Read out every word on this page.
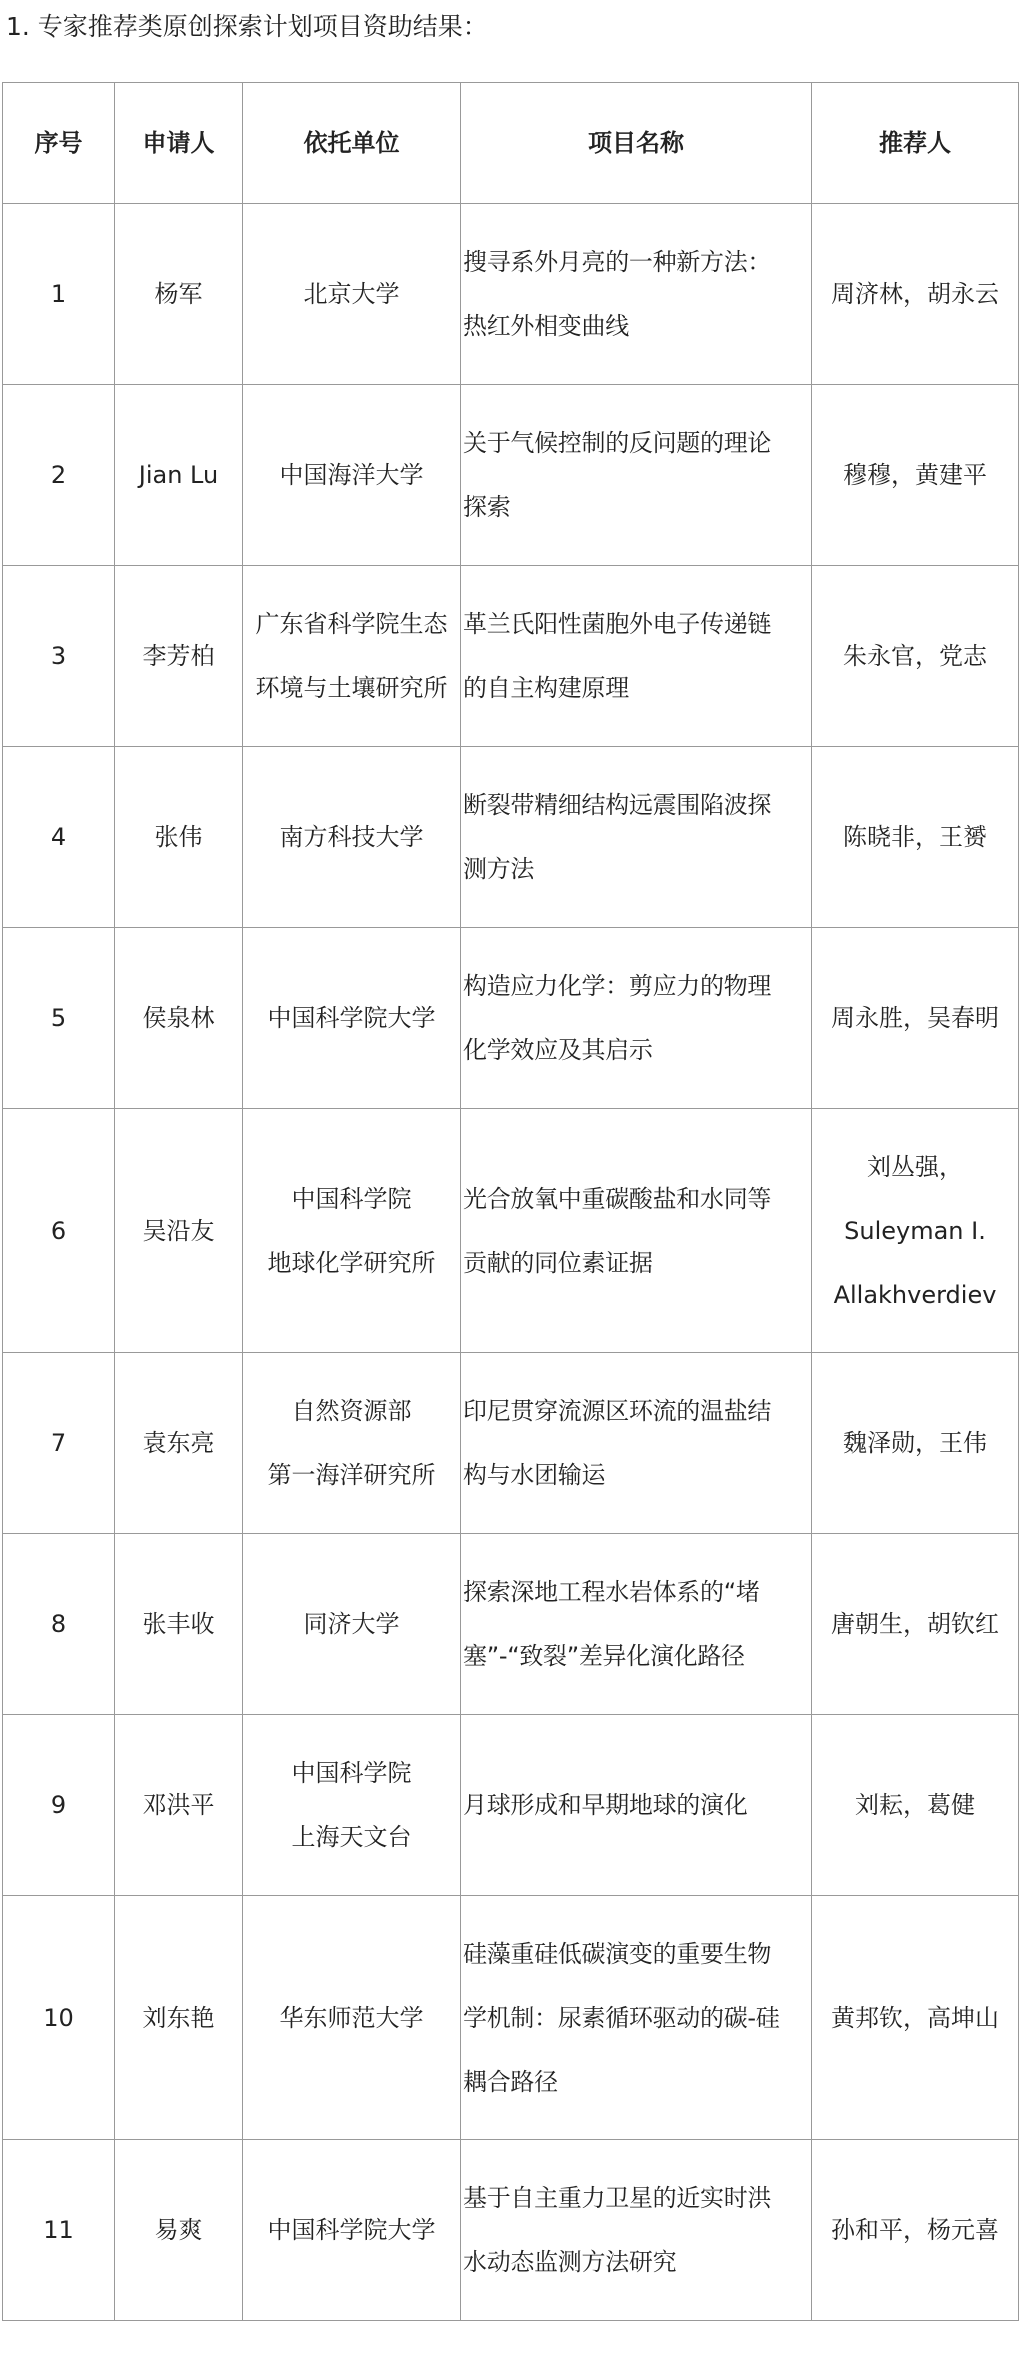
1. 专家推荐类原创探索计划项目资助结果：
序号	申请人	依托单位	项目名称	推荐人
1	杨军	北京大学	搜寻系外月亮的一种新方法：
热红外相变曲线	周济林，胡永云

2	Jian Lu	中国海洋大学	关于气候控制的反问题的理论
探索	穆穆，黄建平

3	李芳柏	广东省科学院生态
环境与土壤研究所	革兰氏阳性菌胞外电子传递链
的自主构建原理	朱永官，党志

4	张伟	南方科技大学	断裂带精细结构远震围陷波探
测方法	陈晓非，王赟

5	侯泉林	中国科学院大学	构造应力化学：剪应力的物理
化学效应及其启示	周永胜，吴春明

6	吴沿友	中国科学院
地球化学研究所	光合放氧中重碳酸盐和水同等
贡献的同位素证据	刘丛强，
Suleyman I.
Allakhverdiev

7	袁东亮	自然资源部
第一海洋研究所	印尼贯穿流源区环流的温盐结
构与水团输运	魏泽勋，王伟

8	张丰收	同济大学	探索深地工程水岩体系的“堵
塞”-“致裂”差异化演化路径	唐朝生，胡钦红

9	邓洪平	中国科学院
上海天文台	月球形成和早期地球的演化	刘耘，葛健

10	刘东艳	华东师范大学	硅藻重硅低碳演变的重要生物
学机制：尿素循环驱动的碳-硅
耦合路径	黄邦钦，高坤山

11	易爽	中国科学院大学	基于自主重力卫星的近实时洪
水动态监测方法研究	孙和平，杨元喜
